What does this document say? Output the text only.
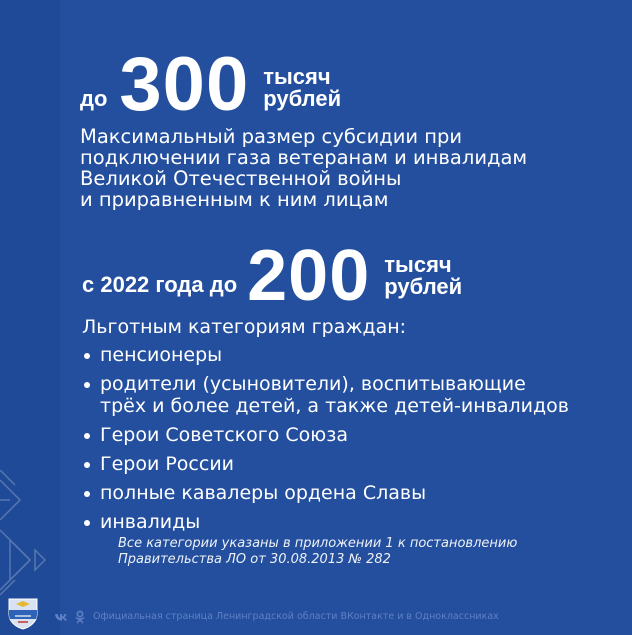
до 300 тысяч
рублей
Максимальный размер субсидии при
подключении газа ветеранам и инвалидам
Великой Отечественной войны
и приравненным к ним лицам
с 2022 года до 200 тысяч
рублей
Льготным категориям граждан:
пенсионеры
родители (усыновители), воспитывающие
трёх и более детей, а также детей-инвалидов
Герои Советского Союза
Герои России
полные кавалеры ордена Славы
инвалиды
Все категории указаны в приложении 1 к постановлению
Правительства ЛО от 30.08.2013 № 282
Официальная страница Ленинградской области ВКонтакте и в Одноклассниках
